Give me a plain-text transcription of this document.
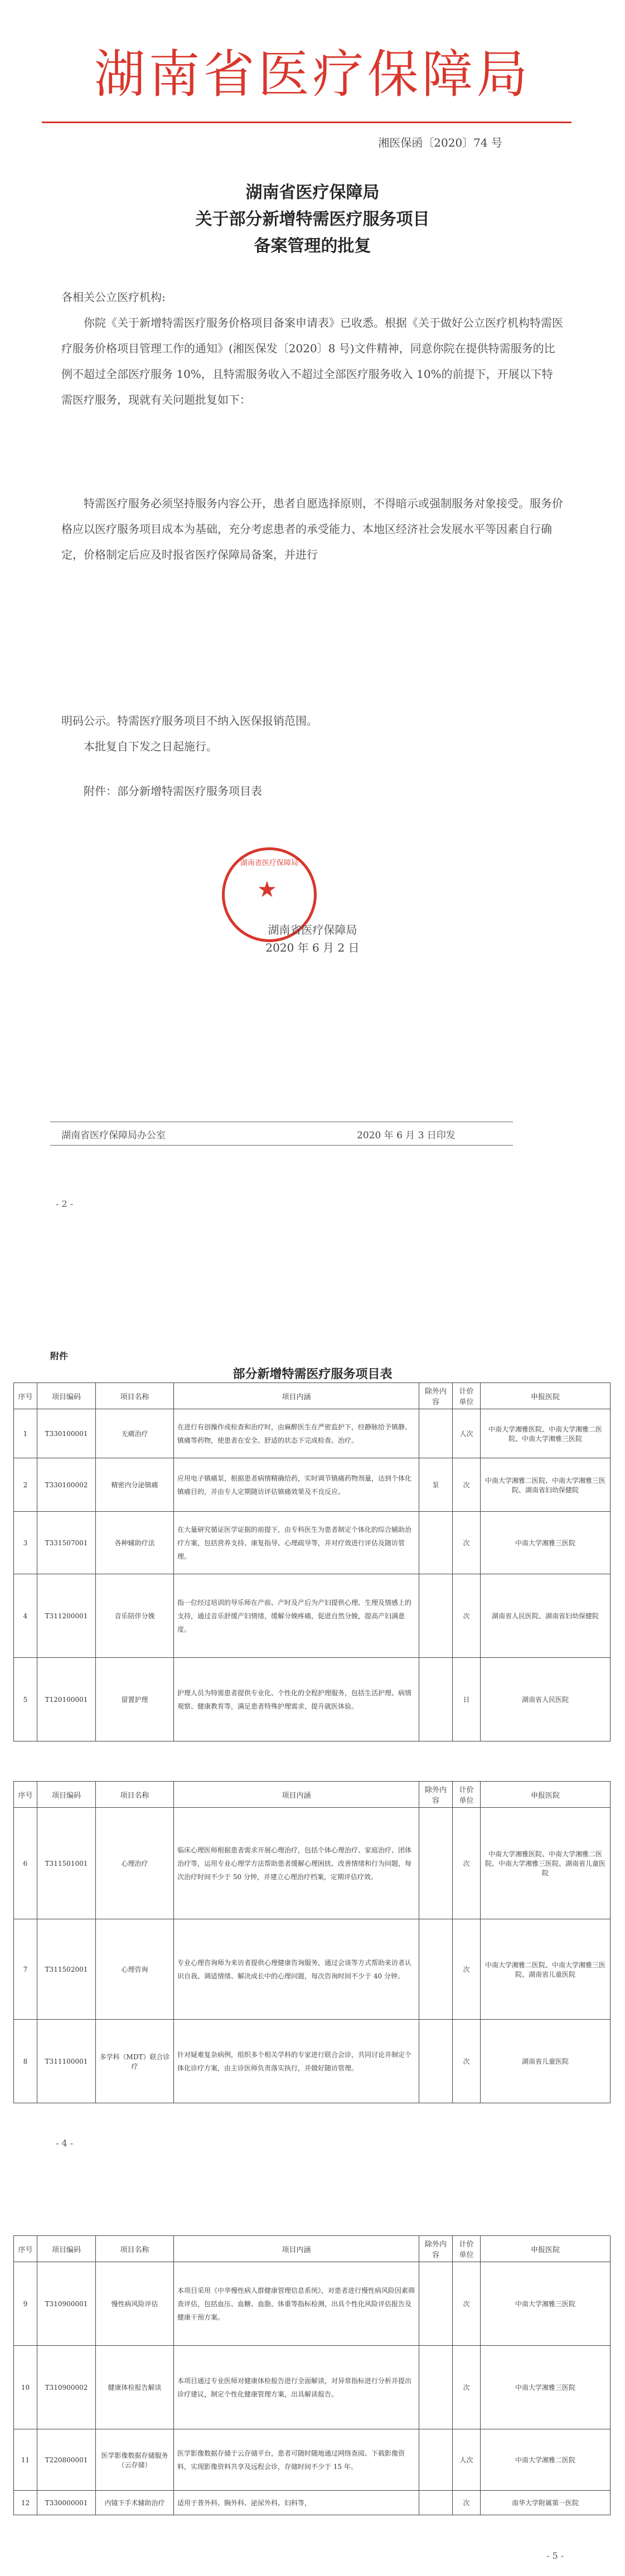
湖南省医疗保障局
湘医保函〔2020〕74 号
湖南省医疗保障局
关于部分新增特需医疗服务项目
备案管理的批复
各相关公立医疗机构:
你院《关于新增特需医疗服务价格项目备案申请表》已收悉。根据《关于做好公立医疗机构特需医疗服务价格项目管理工作的通知》(湘医保发〔2020〕8 号)文件精神，同意你院在提供特需服务的比例不超过全部医疗服务 10%，且特需服务收入不超过全部医疗服务收入 10%的前提下，开展以下特需医疗服务，现就有关问题批复如下：
特需医疗服务必须坚持服务内容公开，患者自愿选择原则，不得暗示或强制服务对象接受。服务价格应以医疗服务项目成本为基础，充分考虑患者的承受能力、本地区经济社会发展水平等因素自行确定，价格制定后应及时报省医疗保障局备案，并进行
明码公示。特需医疗服务项目不纳入医保报销范围。
本批复自下发之日起施行。
附件：部分新增特需医疗服务项目表
湖南省医疗保障局
★
湖南省医疗保障局
2020 年 6 月 2 日
湖南省医疗保障局办公室	2020 年 6 月 3 日印发
- 2 -
附件
部分新增特需医疗服务项目表
序号	项目编码	项目名称	项目内涵	除外内容	计价单位	申报医院
1	T330100001	无痛治疗	在进行有创操作或检查和治疗时，由麻醉医生在严密监护下，经静脉给予镇静、镇痛等药物，使患者在安全、舒适的状态下完成检查、治疗。		人次	中南大学湘雅医院、中南大学湘雅二医院、中南大学湘雅三医院
2	T330100002	精密内分泌镇痛	应用电子镇痛泵，根据患者病情精确给药，实时调节镇痛药物剂量，达到个体化镇痛目的，并由专人定期随访评估镇痛效果及不良反应。	泵	次	中南大学湘雅二医院、中南大学湘雅三医院、湖南省妇幼保健院
3	T331507001	各种辅助疗法	在大量研究循证医学证据的前提下，由专科医生为患者制定个体化的综合辅助治疗方案，包括营养支持、康复指导、心理疏导等，并对疗效进行评估及随访管理。		次	中南大学湘雅三医院
4	T311200001	音乐陪伴分娩	指一位经过培训的导乐师在产前、产时及产后为产妇提供心理、生理及情感上的支持，通过音乐舒缓产妇情绪，缓解分娩疼痛，促进自然分娩，提高产妇满意度。		次	湖南省人民医院、湖南省妇幼保健院
5	T120100001	留置护理	护理人员为特需患者提供专业化、个性化的全程护理服务，包括生活护理、病情观察、健康教育等，满足患者特殊护理需求，提升就医体验。		日	湖南省人民医院
序号	项目编码	项目名称	项目内涵	除外内容	计价单位	申报医院
6	T311501001	心理治疗	临床心理医师根据患者需求开展心理治疗，包括个体心理治疗、家庭治疗、团体治疗等，运用专业心理学方法帮助患者缓解心理困扰、改善情绪和行为问题，每次治疗时间不少于 50 分钟，并建立心理治疗档案，定期评估疗效。		次	中南大学湘雅医院、中南大学湘雅二医院、中南大学湘雅三医院、湖南省儿童医院
7	T311502001	心理咨询	专业心理咨询师为来访者提供心理健康咨询服务，通过会谈等方式帮助来访者认识自我、调适情绪、解决成长中的心理问题，每次咨询时间不少于 40 分钟。		次	中南大学湘雅二医院、中南大学湘雅三医院、湖南省儿童医院
8	T311100001	多学科（MDT）联合诊疗	针对疑难复杂病例，组织多个相关学科的专家进行联合会诊，共同讨论并制定个体化诊疗方案，由主诊医师负责落实执行，并做好随访管理。		次	湖南省儿童医院
- 4 -
序号	项目编码	项目名称	项目内涵	除外内容	计价单位	申报医院
9	T310900001	慢性病风险评估	本项目采用《中华慢性病人群健康管理信息系统》，对患者进行慢性病风险因素筛查评估，包括血压、血糖、血脂、体重等指标检测，出具个性化风险评估报告及健康干预方案。		次	中南大学湘雅三医院
10	T310900002	健康体检报告解读	本项目通过专业医师对健康体检报告进行全面解读，对异常指标进行分析并提出诊疗建议，制定个性化健康管理方案，出具解读报告。		次	中南大学湘雅三医院
11	T220800001	医学影像数据存储服务（云存储）	医学影像数据存储于云存储平台，患者可随时随地通过网络查阅、下载影像资料，实现影像资料共享及远程会诊，存储时间不少于 15 年。		人次	中南大学湘雅二医院
12	T330000001	内镜下手术辅助治疗	适用于普外科、胸外科、泌尿外科、妇科等，		次	南华大学附属第一医院
- 5 -
